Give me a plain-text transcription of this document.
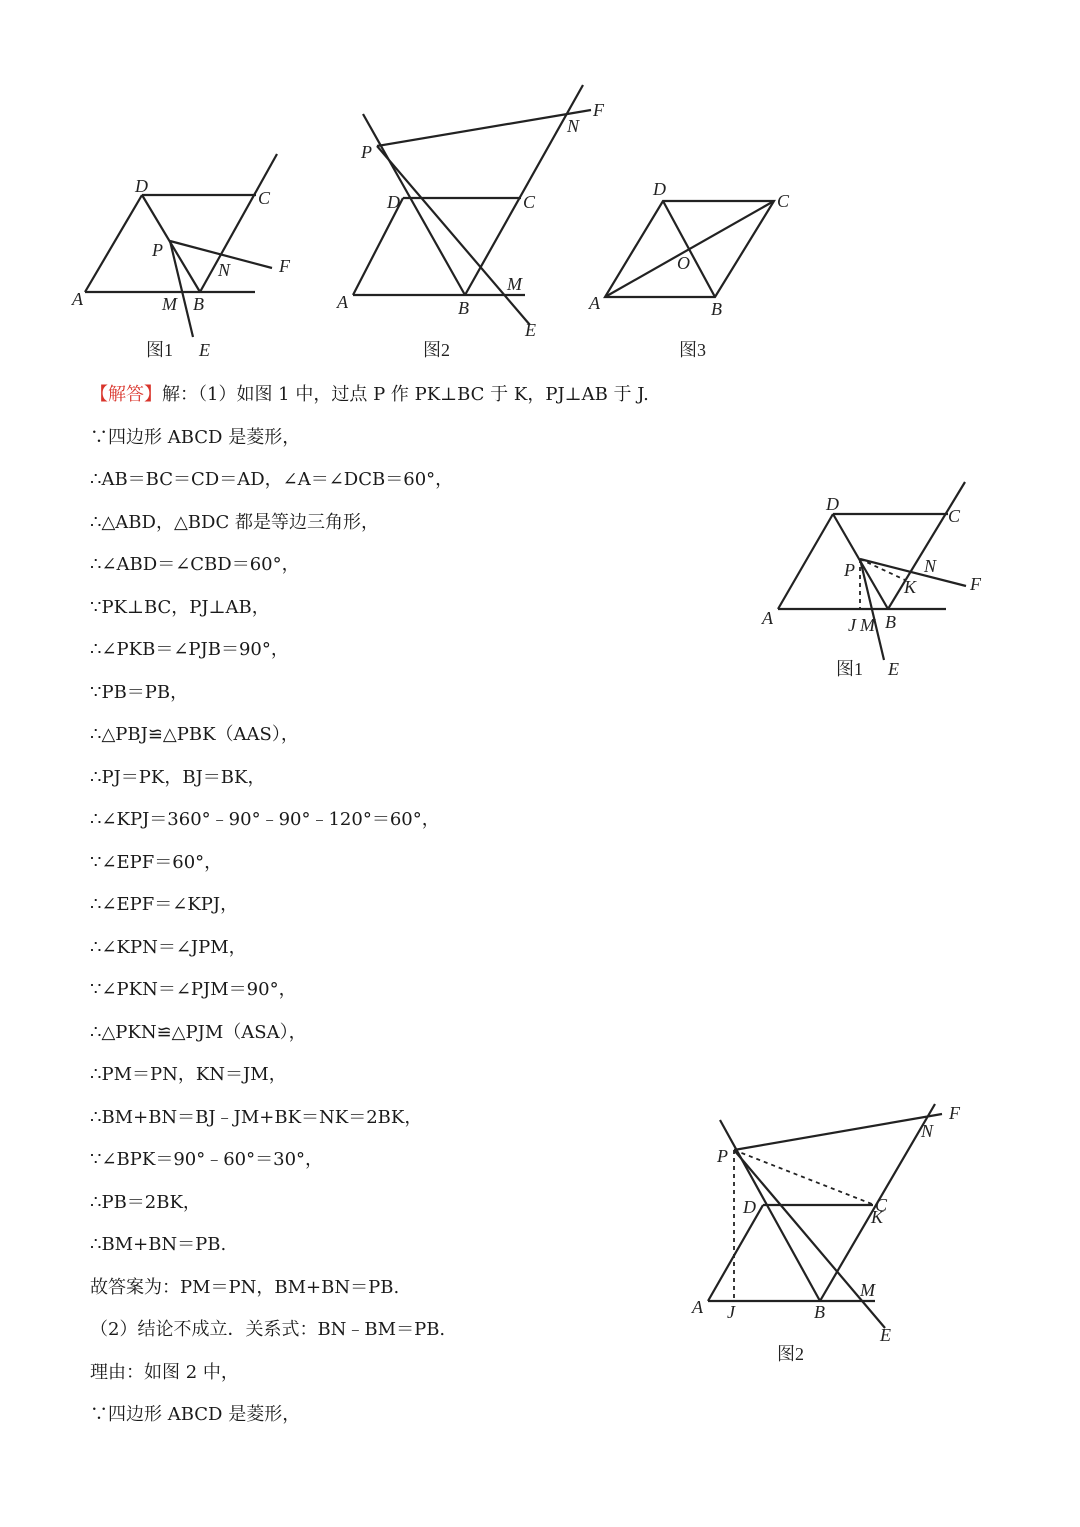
D
C
A	B
P
M
N	F
E
图1
P
D	C
A	B
M
N
F
E
图2
D
C
A	B
O
图3
D
C
A	B
P
J M
N
K	F
E
图1
P
D	C
K
A J	B
M
N
F
E
图2
【解答】解：（1）如图 1 中，过点 P 作 PK⊥BC 于 K，PJ⊥AB 于 J.
∵四边形 ABCD 是菱形，
∴AB＝BC＝CD＝AD，∠A＝∠DCB＝60°，
∴△ABD，△BDC 都是等边三角形，
∴∠ABD＝∠CBD＝60°，
∵PK⊥BC，PJ⊥AB，
∴∠PKB＝∠PJB＝90°，
∵PB＝PB，
∴△PBJ≌△PBK（AAS），
∴PJ＝PK，BJ＝BK，
∴∠KPJ＝360°﹣90°﹣90°﹣120°＝60°，
∵∠EPF＝60°，
∴∠EPF＝∠KPJ，
∴∠KPN＝∠JPM，
∵∠PKN＝∠PJM＝90°，
∴△PKN≌△PJM（ASA），
∴PM＝PN，KN＝JM，
∴BM+BN＝BJ﹣JM+BK＝NK＝2BK，
∵∠BPK＝90°﹣60°＝30°，
∴PB＝2BK，
∴BM+BN＝PB.
故答案为：PM＝PN，BM+BN＝PB.
（2）结论不成立．关系式：BN﹣BM＝PB.
理由：如图 2 中，
∵四边形 ABCD 是菱形，
